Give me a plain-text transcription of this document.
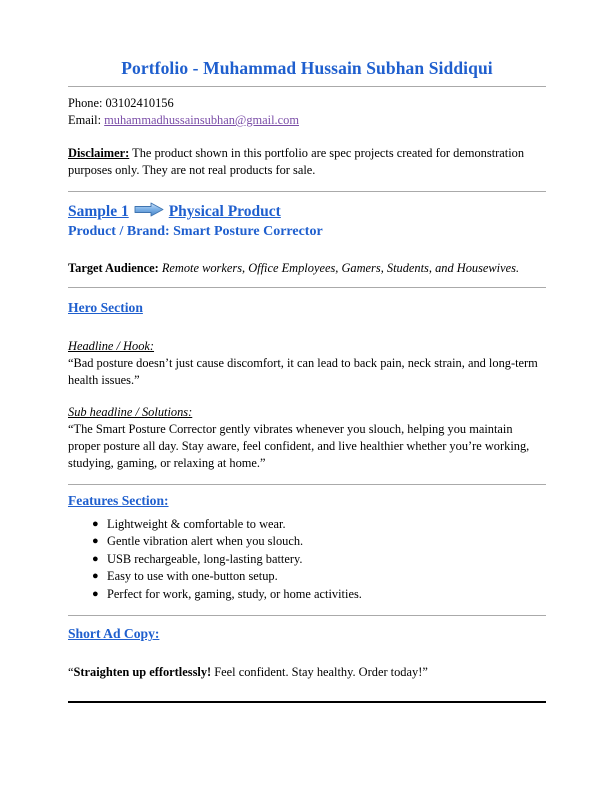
Portfolio - Muhammad Hussain Subhan Siddiqui
Phone: 03102410156
Email: muhammadhussainsubhan@gmail.com
Disclaimer: The product shown in this portfolio are spec projects created for demonstration purposes only. They are not real products for sale.
Sample 1	Physical Product
Product / Brand: Smart Posture Corrector
Target Audience: Remote workers, Office Employees, Gamers, Students, and Housewives.
Hero Section
Headline / Hook:
“Bad posture doesn’t just cause discomfort, it can lead to back pain, neck strain, and long-term health issues.”
Sub headline / Solutions:
“The Smart Posture Corrector gently vibrates whenever you slouch, helping you maintain proper posture all day. Stay aware, feel confident, and live healthier whether you’re working, studying, gaming, or relaxing at home.”
Features Section:
● Lightweight & comfortable to wear.
● Gentle vibration alert when you slouch.
● USB rechargeable, long-lasting battery.
● Easy to use with one-button setup.
● Perfect for work, gaming, study, or home activities.
Short Ad Copy:
“Straighten up effortlessly! Feel confident. Stay healthy. Order today!”
